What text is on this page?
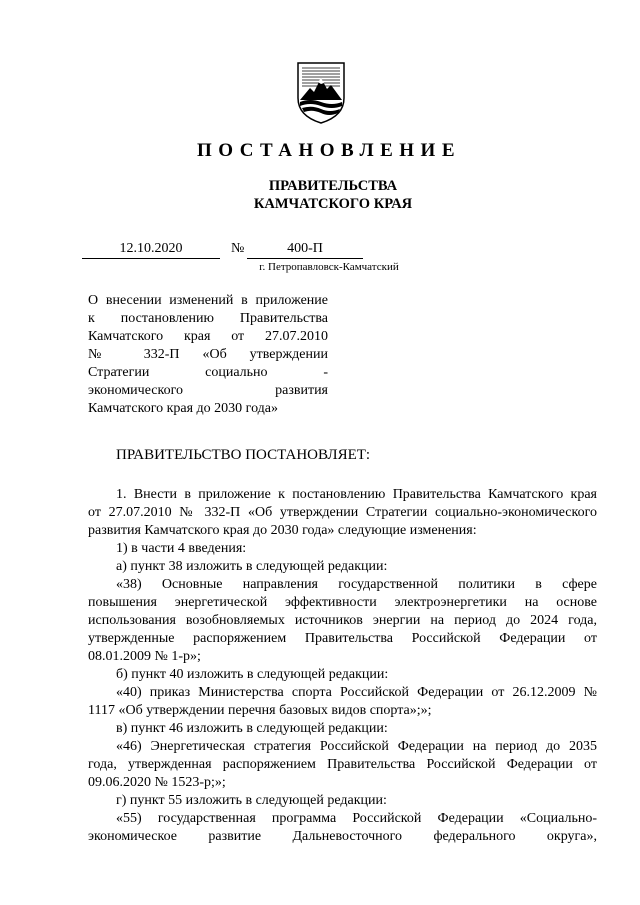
ПОСТАНОВЛЕНИЕ
ПРАВИТЕЛЬСТВА
КАМЧАТСКОГО КРАЯ
12.10.2020	№	400-П
г. Петропавловск-Камчатский
О внесении изменений в приложение
к постановлению Правительства
Камчатского края от 27.07.2010
№ 332-П «Об утверждении
Стратегии социально -
экономического развития
Камчатского края до 2030 года»
ПРАВИТЕЛЬСТВО ПОСТАНОВЛЯЕТ:
1. Внести в приложение к постановлению Правительства Камчатского края
от 27.07.2010 № 332-П «Об утверждении Стратегии социально-экономического
развития Камчатского края до 2030 года» следующие изменения:
1) в части 4 введения:
а) пункт 38 изложить в следующей редакции:
«38) Основные направления государственной политики в сфере
повышения энергетической эффективности электроэнергетики на основе
использования возобновляемых источников энергии на период до 2024 года,
утвержденные распоряжением Правительства Российской Федерации от
08.01.2009 № 1-р»;
б) пункт 40 изложить в следующей редакции:
«40) приказ Министерства спорта Российской Федерации от 26.12.2009 №
1117 «Об утверждении перечня базовых видов спорта»;»;
в) пункт 46 изложить в следующей редакции:
«46) Энергетическая стратегия Российской Федерации на период до 2035
года, утвержденная распоряжением Правительства Российской Федерации от
09.06.2020 № 1523-р;»;
г) пункт 55 изложить в следующей редакции:
«55) государственная программа Российской Федерации «Социально-
экономическое развитие Дальневосточного федерального округа»,
